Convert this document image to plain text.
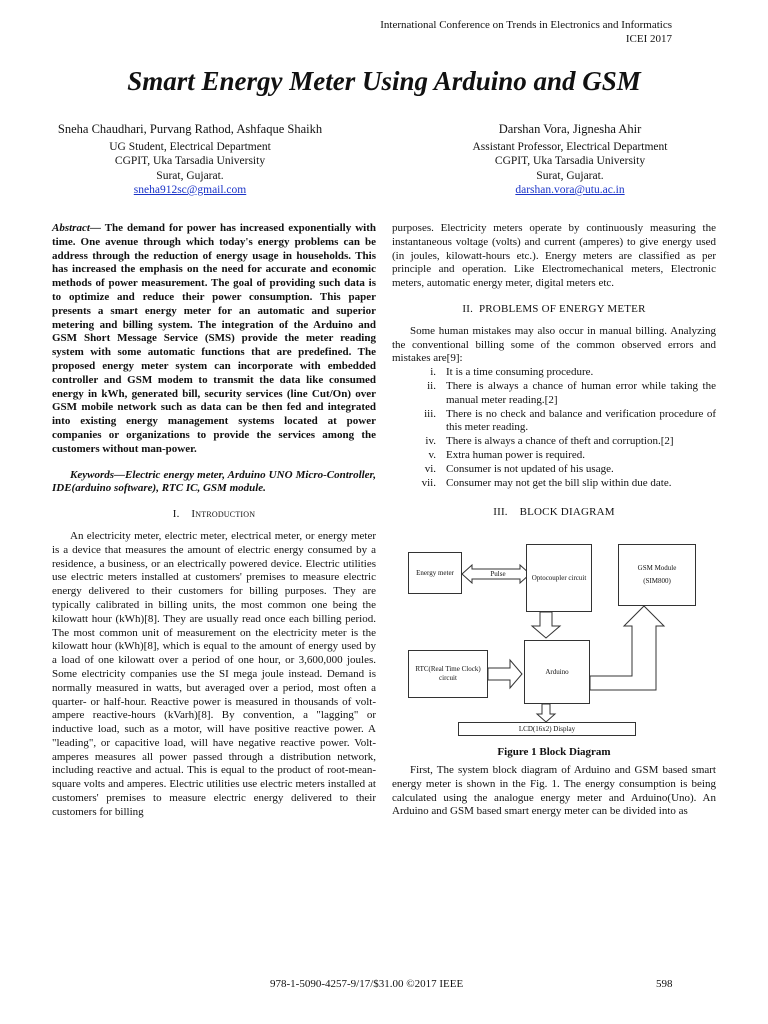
International Conference on Trends in Electronics and Informatics
ICEI 2017
Smart Energy Meter Using Arduino and GSM
Sneha Chaudhari, Purvang Rathod, Ashfaque Shaikh
UG Student, Electrical Department
CGPIT, Uka Tarsadia University
Surat, Gujarat.
sneha912sc@gmail.com
Darshan Vora, Jignesha Ahir
Assistant Professor, Electrical Department
CGPIT, Uka Tarsadia University
Surat, Gujarat.
darshan.vora@utu.ac.in
Abstract— The demand for power has increased exponentially with time. One avenue through which today's energy problems can be address through the reduction of energy usage in households. This has increased the emphasis on the need for accurate and economic methods of power measurement. The goal of providing such data is to optimize and reduce their power consumption. This paper presents a smart energy meter for an automatic and superior metering and billing system. The integration of the Arduino and GSM Short Message Service (SMS) provide the meter reading system with some automatic functions that are predefined. The proposed energy meter system can incorporate with embedded controller and GSM modem to transmit the data like consumed energy in kWh, generated bill, security services (line Cut/On) over GSM mobile network such as data can be then fed and integrated into existing energy management systems located at power companies or organizations to provide the services among the customers without man-power.
Keywords—Electric energy meter, Arduino UNO Micro-Controller, IDE(arduino software), RTC IC, GSM module.
I. Introduction

An electricity meter, electric meter, electrical meter, or energy meter is a device that measures the amount of electric energy consumed by a residence, a business, or an electrically powered device. Electric utilities use electric meters installed at customers' premises to measure electric energy delivered to their customers for billing purposes. They are typically calibrated in billing units, the most common one being the kilowatt hour (kWh)[8]. They are usually read once each billing period. The most common unit of measurement on the electricity meter is the kilowatt hour (kWh)[8], which is equal to the amount of energy used by a load of one kilowatt over a period of one hour, or 3,600,000 joules. Some electricity companies use the SI mega joule instead. Demand is normally measured in watts, but averaged over a period, most often a quarter- or half-hour. Reactive power is measured in thousands of volt-ampere reactive-hours (kVarh)[8]. By convention, a "lagging" or inductive load, such as a motor, will have positive reactive power. A "leading", or capacitive load, will have negative reactive power. Volt-amperes measures all power passed through a distribution network, including reactive and actual. This is equal to the product of root-mean-square volts and amperes. Electric utilities use electric meters installed at customers' premises to measure electric energy delivered to their customers for billing

purposes. Electricity meters operate by continuously measuring the instantaneous voltage (volts) and current (amperes) to give energy used (in joules, kilowatt-hours etc.). Energy meters are classified as per principle and operation. Like Electromechanical meters, Electronic meters, automatic energy meter, digital meters etc.

II. PROBLEMS OF ENERGY METER

Some human mistakes may also occur in manual billing. Analyzing the conventional billing some of the common observed errors and mistakes are[9]:

i. It is a time consuming procedure.
ii. There is always a chance of human error while taking the manual meter reading.[2]
iii. There is no check and balance and verification procedure of this meter reading.
iv. There is always a chance of theft and corruption.[2]
v. Extra human power is required.
vi. Consumer is not updated of his usage.
vii. Consumer may not get the bill slip within due date.
III. BLOCK DIAGRAM
Energy meter	Pulse	Optocoupler circuit
GSM Module
(SIM800)
RTC(Real Time Clock) circuit
Arduino
LCD(16x2) Display
Figure 1 Block Diagram

First, The system block diagram of Arduino and GSM based smart energy meter is shown in the Fig. 1. The energy consumption is being calculated using the analogue energy meter and Arduino(Uno). An Arduino and GSM based smart energy meter can be divided into as

978-1-5090-4257-9/17/$31.00 ©2017 IEEE	598
